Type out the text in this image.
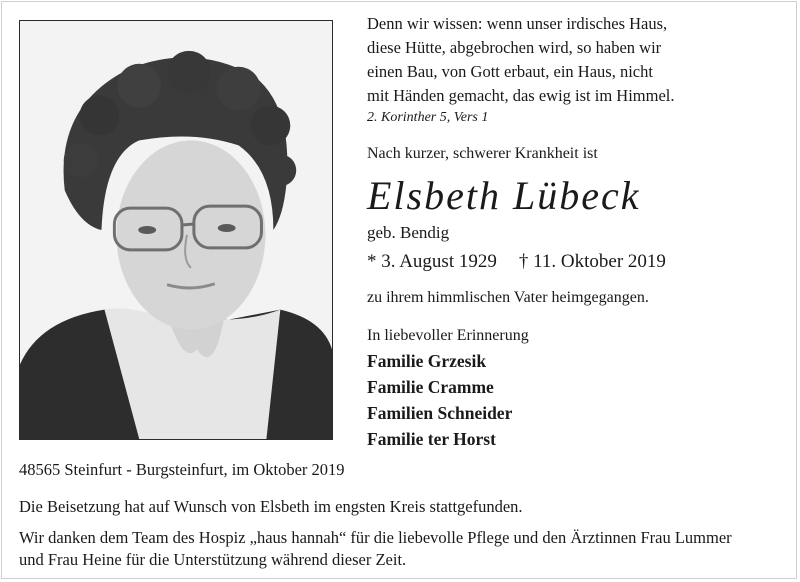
Denn wir wissen: wenn unser irdisches Haus,
diese Hütte, abgebrochen wird, so haben wir
einen Bau, von Gott erbaut, ein Haus, nicht
mit Händen gemacht, das ewig ist im Himmel.
2. Korinther 5, Vers 1
Nach kurzer, schwerer Krankheit ist
Elsbeth Lübeck
geb. Bendig
* 3. August 1929 † 11. Oktober 2019
zu ihrem himmlischen Vater heimgegangen.
In liebevoller Erinnerung
Familie Grzesik
Familie Cramme
Familien Schneider
Familie ter Horst
48565 Steinfurt - Burgsteinfurt, im Oktober 2019
Die Beisetzung hat auf Wunsch von Elsbeth im engsten Kreis stattgefunden.
Wir danken dem Team des Hospiz „haus hannah“ für die liebevolle Pflege und den Ärztinnen Frau Lummer
und Frau Heine für die Unterstützung während dieser Zeit.
